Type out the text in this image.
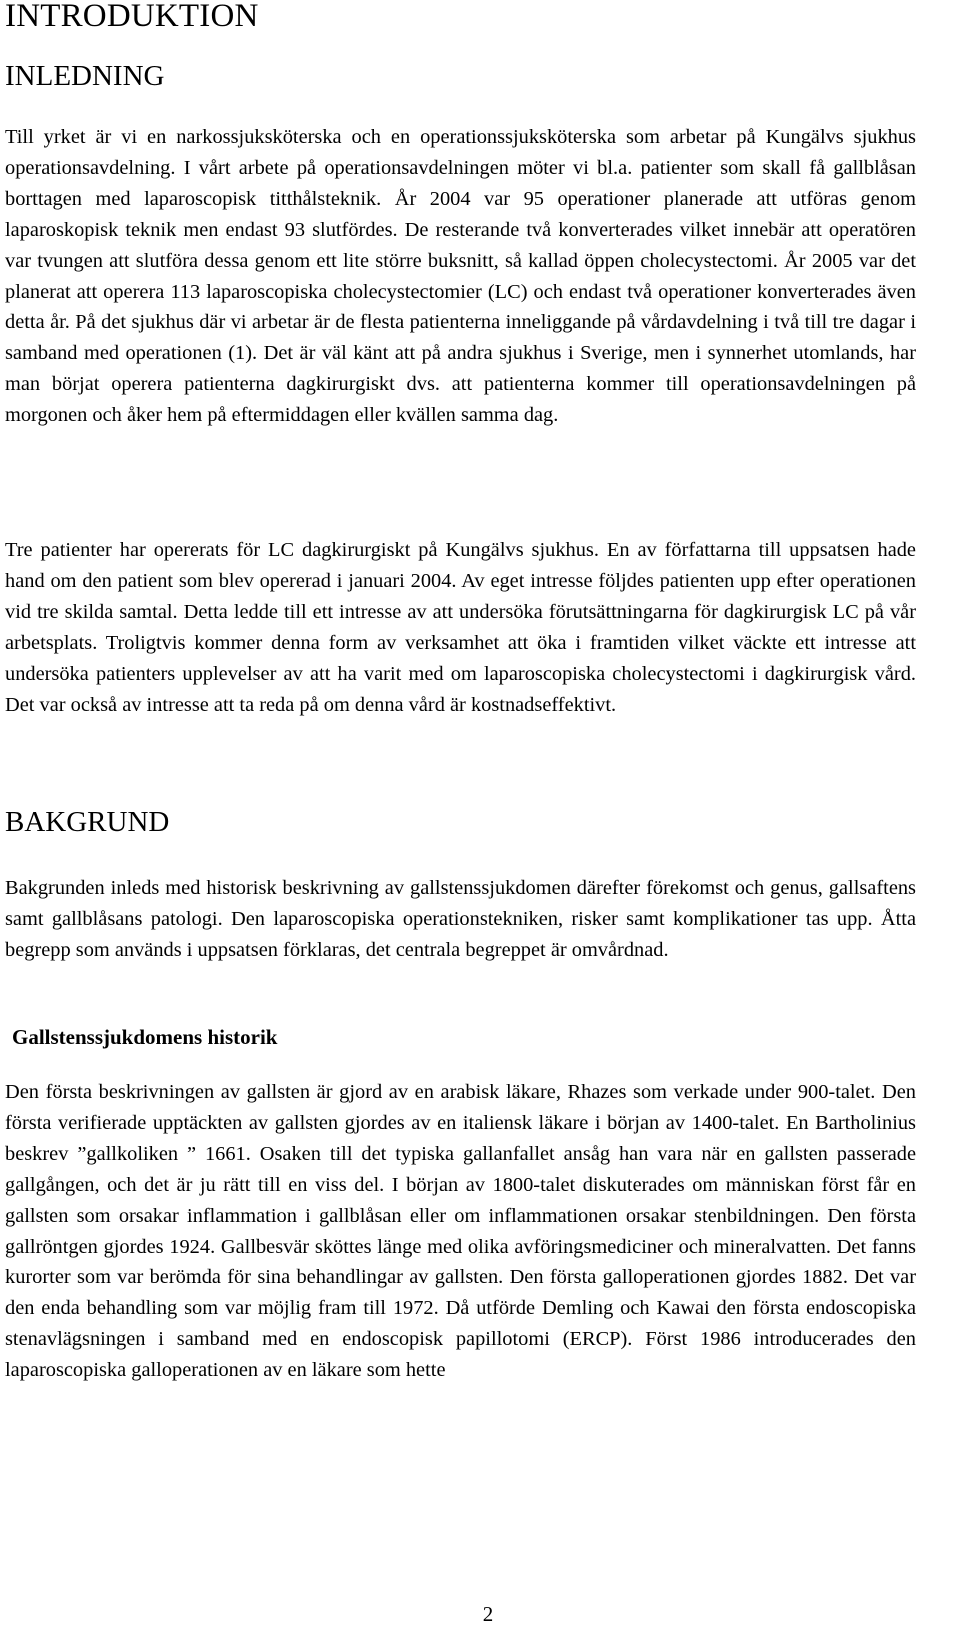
INTRODUKTION
INLEDNING

Till yrket är vi en narkossjuksköterska och en operationssjuksköterska som arbetar på Kungälvs sjukhus operationsavdelning. I vårt arbete på operationsavdelningen möter vi bl.a. patienter som skall få gallblåsan borttagen med laparoscopisk titthålsteknik. År 2004 var 95 operationer planerade att utföras genom laparoskopisk teknik men endast 93 slutfördes. De resterande två konverterades vilket innebär att operatören var tvungen att slutföra dessa genom ett lite större buksnitt, så kallad öppen cholecystectomi. År 2005 var det planerat att operera 113 laparoscopiska cholecystectomier (LC) och endast två operationer konverterades även detta år. På det sjukhus där vi arbetar är de flesta patienterna inneliggande på vårdavdelning i två till tre dagar i samband med operationen (1). Det är väl känt att på andra sjukhus i Sverige, men i synnerhet utomlands, har man börjat operera patienterna dagkirurgiskt dvs. att patienterna kommer till operationsavdelningen på morgonen och åker hem på eftermiddagen eller kvällen samma dag.

Tre patienter har opererats för LC dagkirurgiskt på Kungälvs sjukhus. En av författarna till uppsatsen hade hand om den patient som blev opererad i januari 2004. Av eget intresse följdes patienten upp efter operationen vid tre skilda samtal. Detta ledde till ett intresse av att undersöka förutsättningarna för dagkirurgisk LC på vår arbetsplats. Troligtvis kommer denna form av verksamhet att öka i framtiden vilket väckte ett intresse att undersöka patienters upplevelser av att ha varit med om laparoscopiska cholecystectomi i dagkirurgisk vård. Det var också av intresse att ta reda på om denna vård är kostnadseffektivt.

BAKGRUND

Bakgrunden inleds med historisk beskrivning av gallstenssjukdomen därefter förekomst och genus, gallsaftens samt gallblåsans patologi. Den laparoscopiska operationstekniken, risker samt komplikationer tas upp. Åtta begrepp som används i uppsatsen förklaras, det centrala begreppet är omvårdnad.

Gallstenssjukdomens historik

Den första beskrivningen av gallsten är gjord av en arabisk läkare, Rhazes som verkade under 900-talet. Den första verifierade upptäckten av gallsten gjordes av en italiensk läkare i början av 1400-talet. En Bartholinius beskrev ”gallkoliken ” 1661. Osaken till det typiska gallanfallet ansåg han vara när en gallsten passerade gallgången, och det är ju rätt till en viss del. I början av 1800-talet diskuterades om människan först får en gallsten som orsakar inflammation i gallblåsan eller om inflammationen orsakar stenbildningen. Den första gallröntgen gjordes 1924. Gallbesvär sköttes länge med olika avföringsmediciner och mineralvatten. Det fanns kurorter som var berömda för sina behandlingar av gallsten. Den första galloperationen gjordes 1882. Det var den enda behandling som var möjlig fram till 1972. Då utförde Demling och Kawai den första endoscopiska stenavlägsningen i samband med en endoscopisk papillotomi (ERCP). Först 1986 introducerades den laparoscopiska galloperationen av en läkare som hette

2
